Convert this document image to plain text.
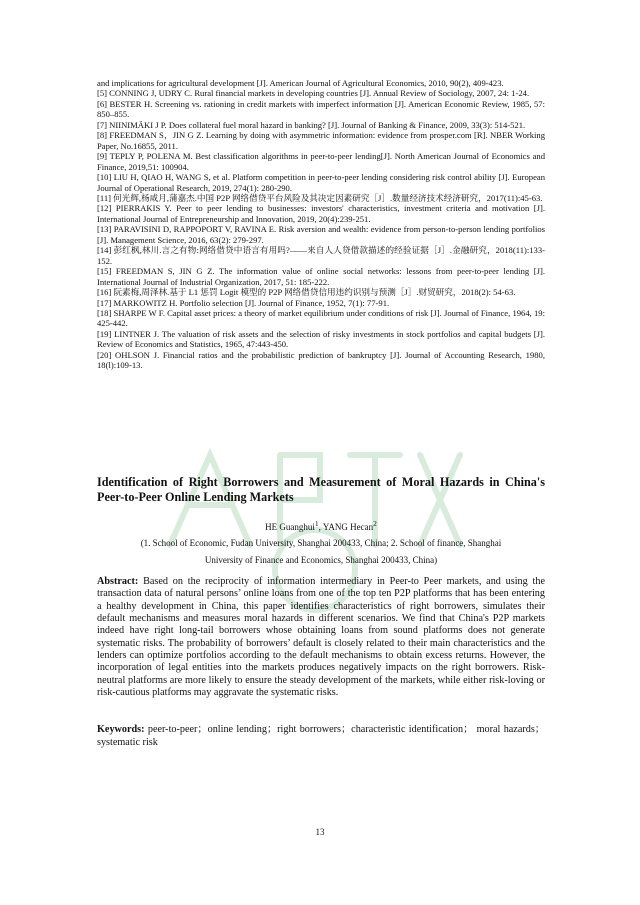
and implications for agricultural development [J]. American Journal of Agricultural Economics, 2010, 90(2), 409-423.

[5] CONNING J, UDRY C. Rural financial markets in developing countries [J]. Annual Review of Sociology, 2007, 24: 1-24.

[6] BESTER H. Screening vs. rationing in credit markets with imperfect information [J]. American Economic Review, 1985, 57: 850–855.

[7] NIINIMÄKI J P. Does collateral fuel moral hazard in banking? [J]. Journal of Banking & Finance, 2009, 33(3): 514-521.

[8] FREEDMAN S，JIN G Z. Learning by doing with asymmetric information: evidence from prosper.com [R]. NBER Working Paper, No.16855, 2011.

[9] TEPLY P, POLENA M. Best classification algorithms in peer-to-peer lending[J]. North American Journal of Economics and Finance, 2019,51: 100904.

[10] LIU H, QIAO H, WANG S, et al. Platform competition in peer-to-peer lending considering risk control ability [J]. European Journal of Operational Research, 2019, 274(1): 280-290.

[11] 何光辉,杨咸月,蒲嘉杰.中国 P2P 网络借贷平台风险及其决定因素研究［J］.数量经济技术经济研究，2017(11):45-63.

[12] PIERRAKIS Y. Peer to peer lending to businesses: investors' characteristics, investment criteria and motivation [J]. International Journal of Entrepreneurship and Innovation, 2019, 20(4):239-251.

[13] PARAVISINI D, RAPPOPORT V, RAVINA E. Risk aversion and wealth: evidence from person-to-person lending portfolios [J]. Management Science, 2016, 63(2): 279-297.

[14] 彭红枫,林川.言之有物:网络借贷中语言有用吗?——来自人人贷借款描述的经验证据［J］.金融研究，2018(11):133-152.

[15] FREEDMAN S, JIN G Z. The information value of online social networks: lessons from peer-to-peer lending [J]. International Journal of Industrial Organization, 2017, 51: 185-222.

[16] 阮素梅,周泽林.基于 L1 惩罚 Logit 模型的 P2P 网络借贷信用违约识别与预测［J］.财贸研究，2018(2): 54-63.

[17] MARKOWITZ H. Portfolio selection [J]. Journal of Finance, 1952, 7(1): 77-91.

[18] SHARPE W F. Capital asset prices: a theory of market equilibrium under conditions of risk [J]. Journal of Finance, 1964, 19: 425-442.

[19] LINTNER J. The valuation of risk assets and the selection of risky investments in stock portfolios and capital budgets [J]. Review of Economics and Statistics, 1965, 47:443-450.

[20] OHLSON J. Financial ratios and the probabilistic prediction of bankruptcy [J]. Journal of Accounting Research, 1980, 18(l):109-13.

Identification of Right Borrowers and Measurement of Moral Hazards in China's Peer-to-Peer Online Lending Markets
HE Guanghui$^1$, YANG Hecan$^2$
(1. School of Economic, Fudan University, Shanghai 200433, China; 2. School of finance, Shanghai
University of Finance and Economics, Shanghai 200433, China)

Abstract: Based on the reciprocity of information intermediary in Peer-to Peer markets, and using the transaction data of natural persons’ online loans from one of the top ten P2P platforms that has been entering a healthy development in China, this paper identifies characteristics of right borrowers, simulates their default mechanisms and measures moral hazards in different scenarios. We find that China's P2P markets indeed have right long-tail borrowers whose obtaining loans from sound platforms does not generate systematic risks. The probability of borrowers’ default is closely related to their main characteristics and the lenders can optimize portfolios according to the default mechanisms to obtain excess returns. However, the incorporation of legal entities into the markets produces negatively impacts on the right borrowers. Risk-neutral platforms are more likely to ensure the steady development of the markets, while either risk-loving or risk-cautious platforms may aggravate the systematic risks.

Keywords: peer-to-peer；online lending；right borrowers；characteristic identification； moral hazards；systematic risk

13
